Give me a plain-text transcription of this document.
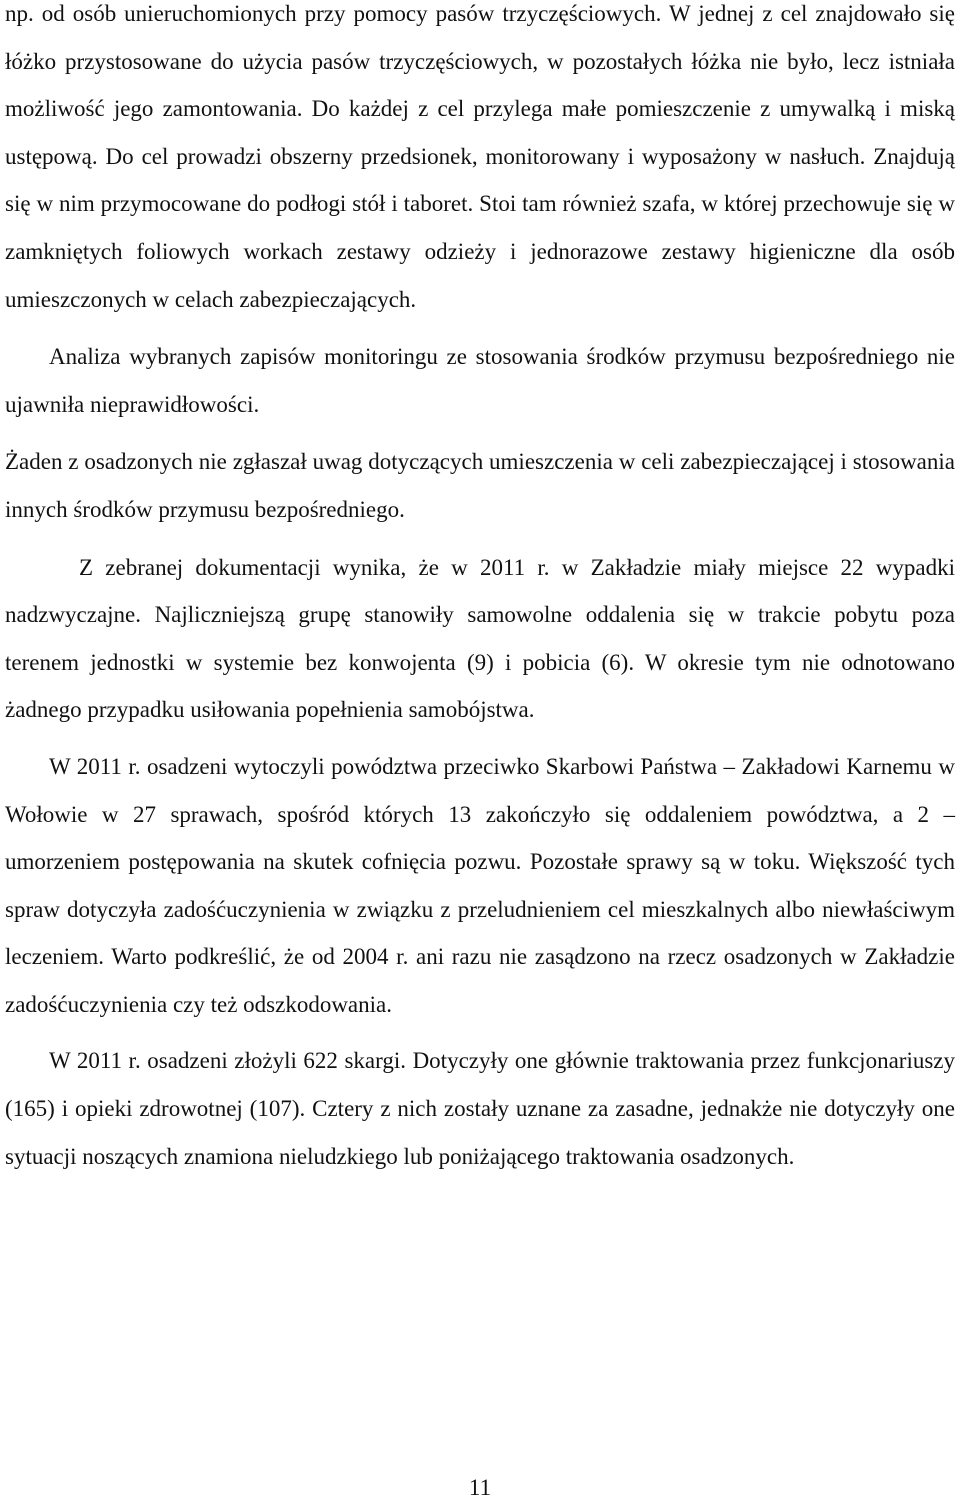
np. od osób unieruchomionych przy pomocy pasów trzyczęściowych. W jednej z cel znajdowało się łóżko przystosowane do użycia pasów trzyczęściowych, w pozostałych łóżka nie było, lecz istniała możliwość jego zamontowania. Do każdej z cel przylega małe pomieszczenie z umywalką i miską ustępową. Do cel prowadzi obszerny przedsionek, monitorowany i wyposażony w nasłuch. Znajdują się w nim przymocowane do podłogi stół i taboret. Stoi tam również szafa, w której przechowuje się w zamkniętych foliowych workach zestawy odzieży i jednorazowe zestawy higieniczne dla osób umieszczonych w celach zabezpieczających.

Analiza wybranych zapisów monitoringu ze stosowania środków przymusu bezpośredniego nie ujawniła nieprawidłowości.

Żaden z osadzonych nie zgłaszał uwag dotyczących umieszczenia w celi zabezpieczającej i stosowania innych środków przymusu bezpośredniego.

Z zebranej dokumentacji wynika, że w 2011 r. w Zakładzie miały miejsce 22 wypadki nadzwyczajne. Najliczniejszą grupę stanowiły samowolne oddalenia się w trakcie pobytu poza terenem jednostki w systemie bez konwojenta (9) i pobicia (6). W okresie tym nie odnotowano żadnego przypadku usiłowania popełnienia samobójstwa.

W 2011 r. osadzeni wytoczyli powództwa przeciwko Skarbowi Państwa – Zakładowi Karnemu w Wołowie w 27 sprawach, spośród których 13 zakończyło się oddaleniem powództwa, a 2 – umorzeniem postępowania na skutek cofnięcia pozwu. Pozostałe sprawy są w toku. Większość tych spraw dotyczyła zadośćuczynienia w związku z przeludnieniem cel mieszkalnych albo niewłaściwym leczeniem. Warto podkreślić, że od 2004 r. ani razu nie zasądzono na rzecz osadzonych w Zakładzie zadośćuczynienia czy też odszkodowania.

W 2011 r. osadzeni złożyli 622 skargi. Dotyczyły one głównie traktowania przez funkcjonariuszy (165) i opieki zdrowotnej (107). Cztery z nich zostały uznane za zasadne, jednakże nie dotyczyły one sytuacji noszących znamiona nieludzkiego lub poniżającego traktowania osadzonych.

11
